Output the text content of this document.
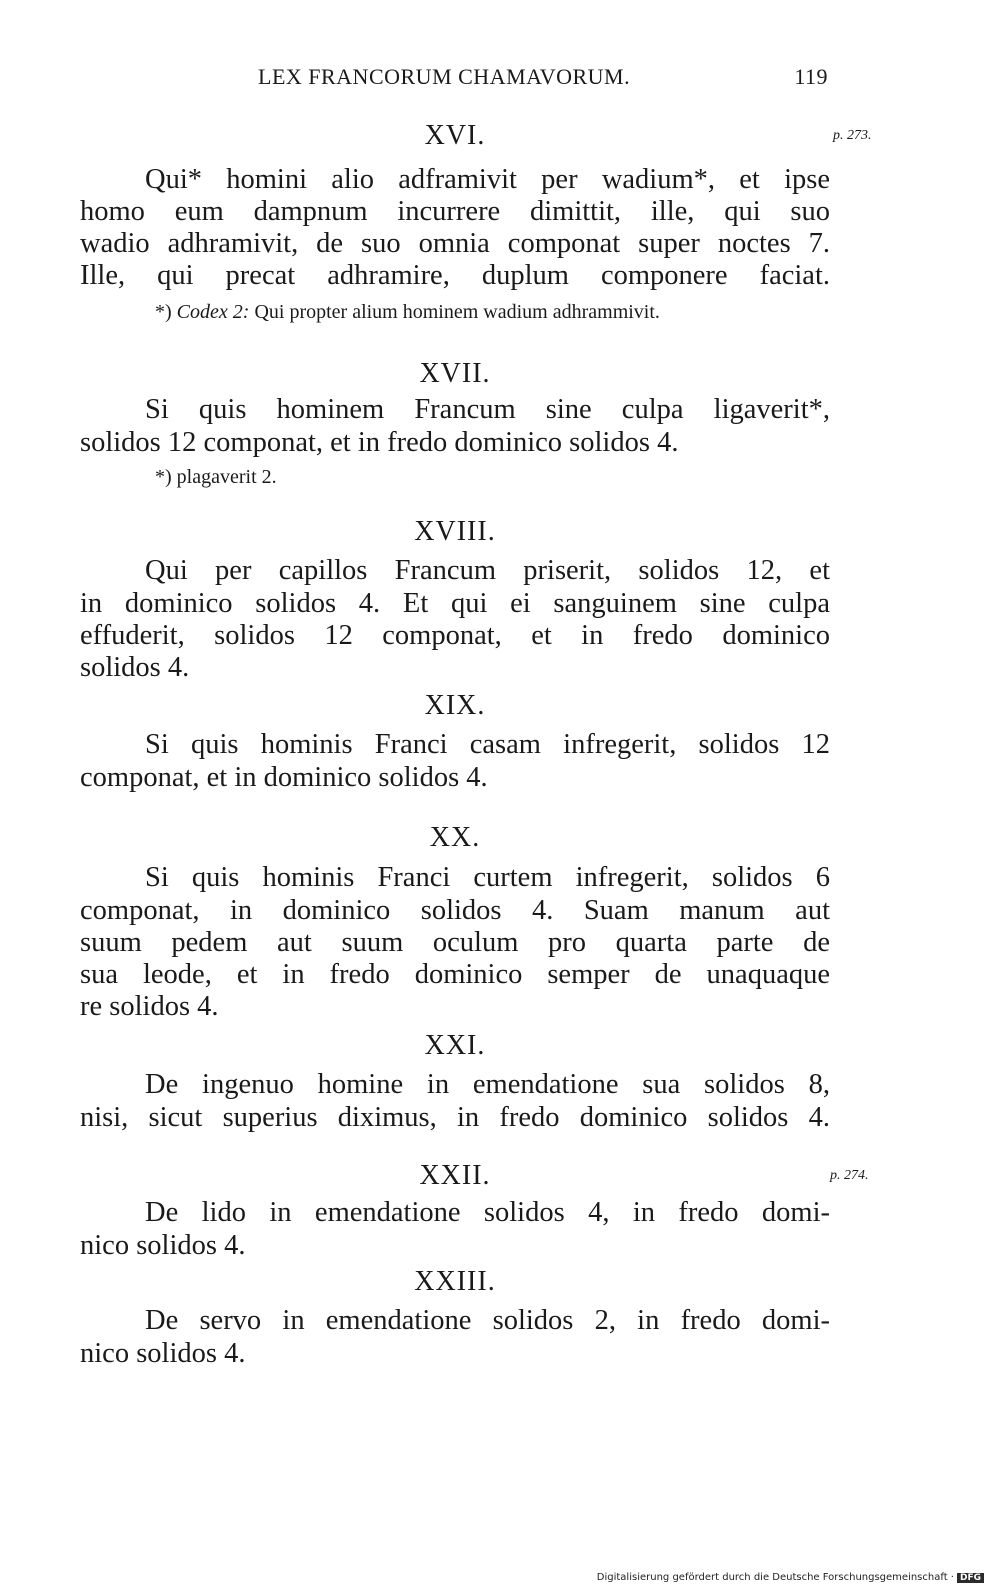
LEX FRANCORUM CHAMAVORUM.	119
XVI.	p. 273.
Qui* homini alio adframivit per wadium*, et ipse
homo eum dampnum incurrere dimittit, ille, qui suo
wadio adhramivit, de suo omnia componat super noctes 7.
Ille, qui precat adhramire, duplum componere faciat.
*) Codex 2: Qui propter alium hominem wadium adhrammivit.
XVII.
Si quis hominem Francum sine culpa ligaverit*,
solidos 12 componat, et in fredo dominico solidos 4.
*) plagaverit 2.
XVIII.
Qui per capillos Francum priserit, solidos 12, et
in dominico solidos 4. Et qui ei sanguinem sine culpa
effuderit, solidos 12 componat, et in fredo dominico
solidos 4.
XIX.
Si quis hominis Franci casam infregerit, solidos 12
componat, et in dominico solidos 4.
XX.
Si quis hominis Franci curtem infregerit, solidos 6
componat, in dominico solidos 4. Suam manum aut
suum pedem aut suum oculum pro quarta parte de
sua leode, et in fredo dominico semper de unaquaque
re solidos 4.
XXI.
De ingenuo homine in emendatione sua solidos 8,
nisi, sicut superius diximus, in fredo dominico solidos 4.
XXII.	p. 274.
De lido in emendatione solidos 4, in fredo domi-
nico solidos 4.
XXIII.
De servo in emendatione solidos 2, in fredo domi-
nico solidos 4.
Digitalisierung gefördert durch die Deutsche Forschungsgemeinschaft · DFG
